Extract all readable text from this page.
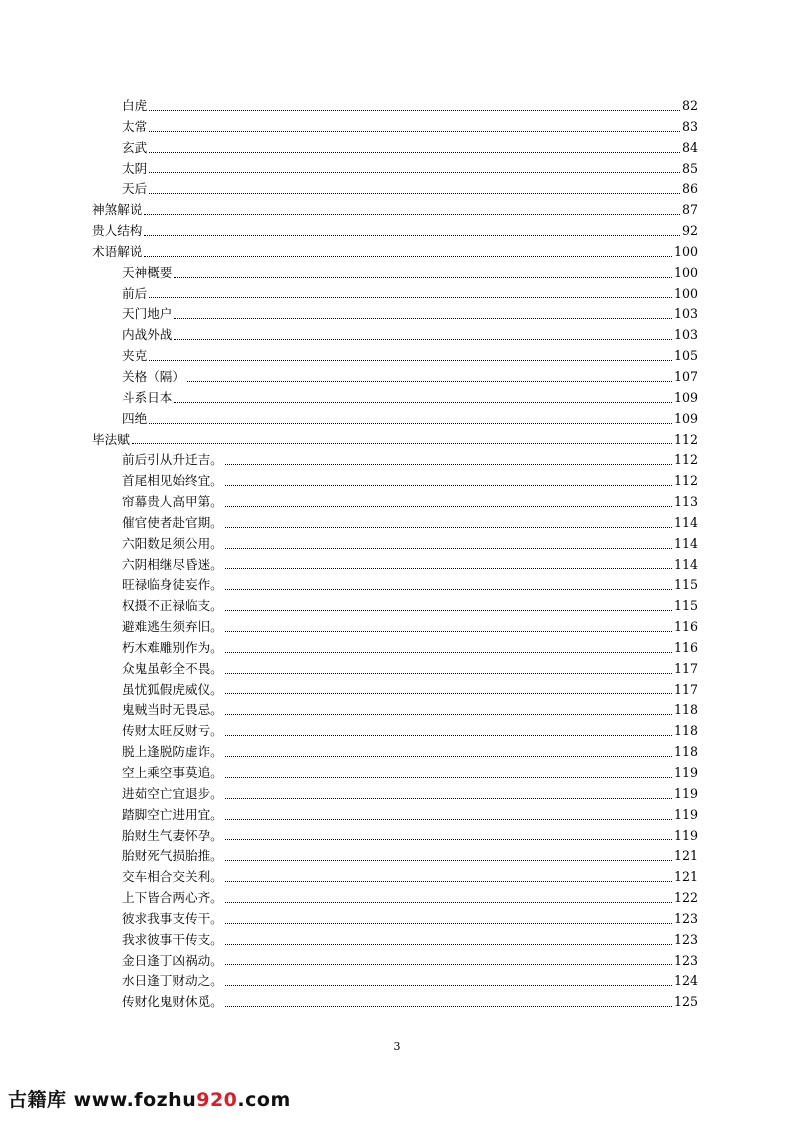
白虎	82
太常	83
玄武	84
太阴	85
天后	86
神煞解说	87
贵人结构	92
术语解说	100
天神概要	100
前后	100
天门地户	103
内战外战	103
夹克	105
关格（隔）	107
斗系日本	109
四绝	109
毕法赋	112
前后引从升迁吉。	112
首尾相见始终宜。	112
帘幕贵人高甲第。	113
催官使者赴官期。	114
六阳数足须公用。	114
六阴相继尽昏迷。	114
旺禄临身徒妄作。	115
权摄不正禄临支。	115
避难逃生须弃旧。	116
朽木难雕别作为。	116
众鬼虽彰全不畏。	117
虽忧狐假虎威仪。	117
鬼贼当时无畏忌。	118
传财太旺反财亏。	118
脱上逢脱防虚诈。	118
空上乘空事莫追。	119
进茹空亡宜退步。	119
踏脚空亡进用宜。	119
胎财生气妻怀孕。	119
胎财死气损胎推。	121
交车相合交关利。	121
上下皆合两心齐。	122
彼求我事支传干。	123
我求彼事干传支。	123
金日逢丁凶祸动。	123
水日逢丁财动之。	124
传财化鬼财休觅。	125
3
古籍库 www.fozhu920.com
